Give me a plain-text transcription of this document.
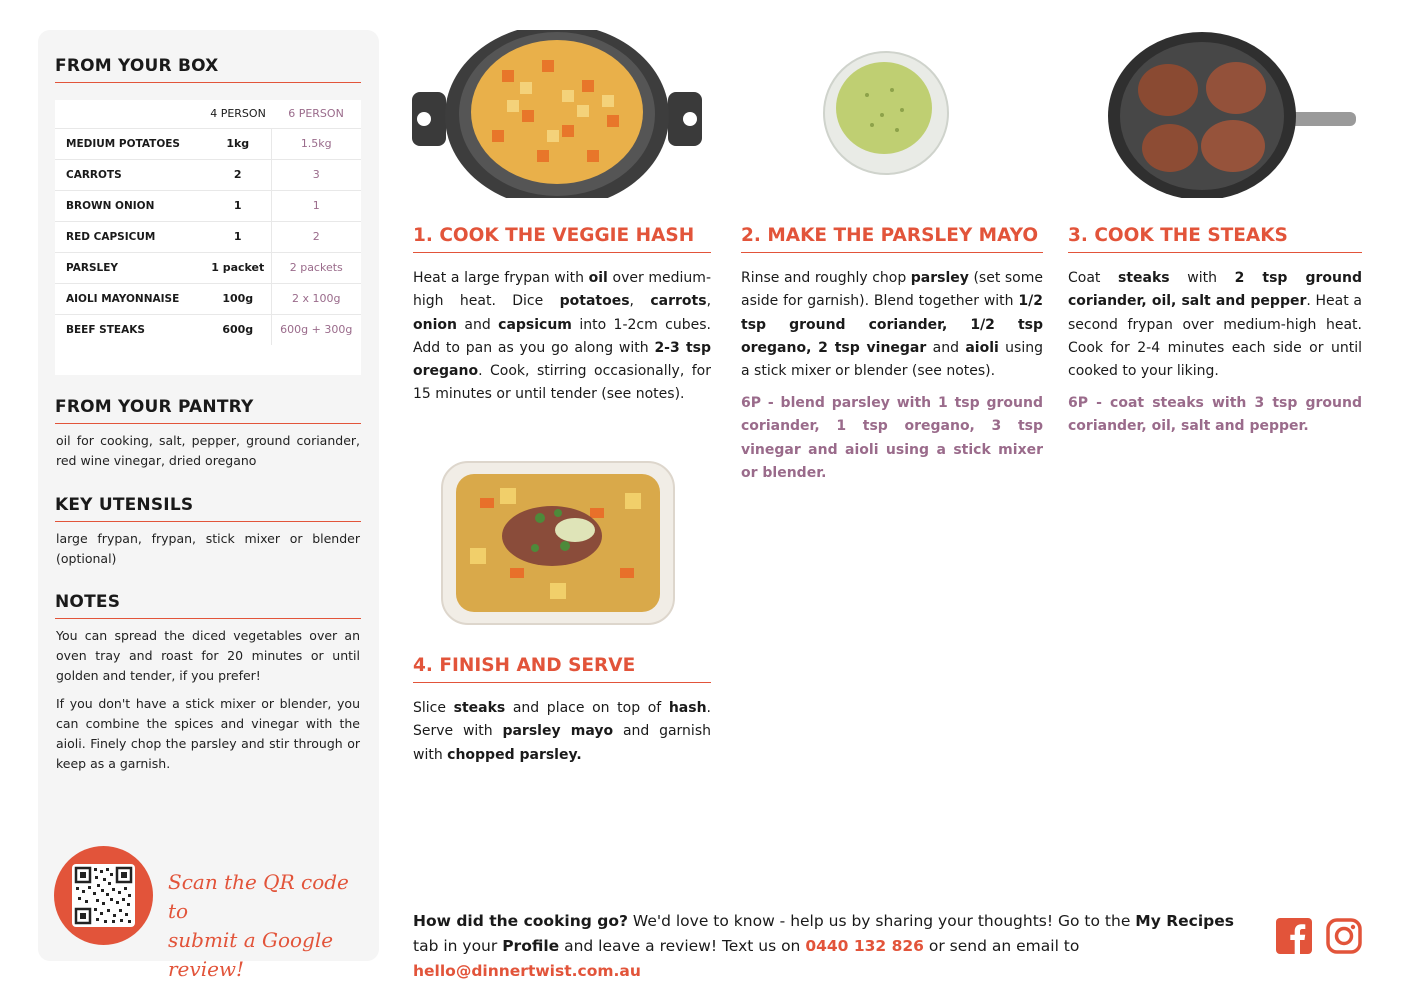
FROM YOUR BOX
	4 PERSON	6 PERSON
MEDIUM POTATOES	1kg	1.5kg
CARROTS	2	3
BROWN ONION	1	1
RED CAPSICUM	1	2
PARSLEY	1 packet	2 packets
AIOLI MAYONNAISE	100g	2 x 100g
BEEF STEAKS	600g	600g + 300g
FROM YOUR PANTRY
oil for cooking, salt, pepper, ground coriander, red wine vinegar, dried oregano
KEY UTENSILS
large frypan, frypan, stick mixer or blender (optional)
NOTES
You can spread the diced vegetables over an oven tray and roast for 20 minutes or until golden and tender, if you prefer!
If you don't have a stick mixer or blender, you can combine the spices and vinegar with the aioli. Finely chop the parsley and stir through or keep as a garnish.
Scan the QR code to
submit a Google review!
1. COOK THE VEGGIE HASH
Heat a large frypan with oil over medium-high heat. Dice potatoes, carrots, onion and capsicum into 1-2cm cubes. Add to pan as you go along with 2-3 tsp oregano. Cook, stirring occasionally, for 15 minutes or until tender (see notes).
2. MAKE THE PARSLEY MAYO
Rinse and roughly chop parsley (set some aside for garnish). Blend together with 1/2 tsp ground coriander, 1/2 tsp oregano, 2 tsp vinegar and aioli using a stick mixer or blender (see notes).
6P - blend parsley with 1 tsp ground coriander, 1 tsp oregano, 3 tsp vinegar and aioli using a stick mixer or blender.
3. COOK THE STEAKS
Coat steaks with 2 tsp ground coriander, oil, salt and pepper. Heat a second frypan over medium-high heat. Cook for 2-4 minutes each side or until cooked to your liking.
6P - coat steaks with 3 tsp ground coriander, oil, salt and pepper.
4. FINISH AND SERVE
Slice steaks and place on top of hash. Serve with parsley mayo and garnish with chopped parsley.
How did the cooking go? We'd love to know - help us by sharing your thoughts! Go to the My Recipes tab in your Profile and leave a review! Text us on 0440 132 826 or send an email to hello@dinnertwist.com.au
